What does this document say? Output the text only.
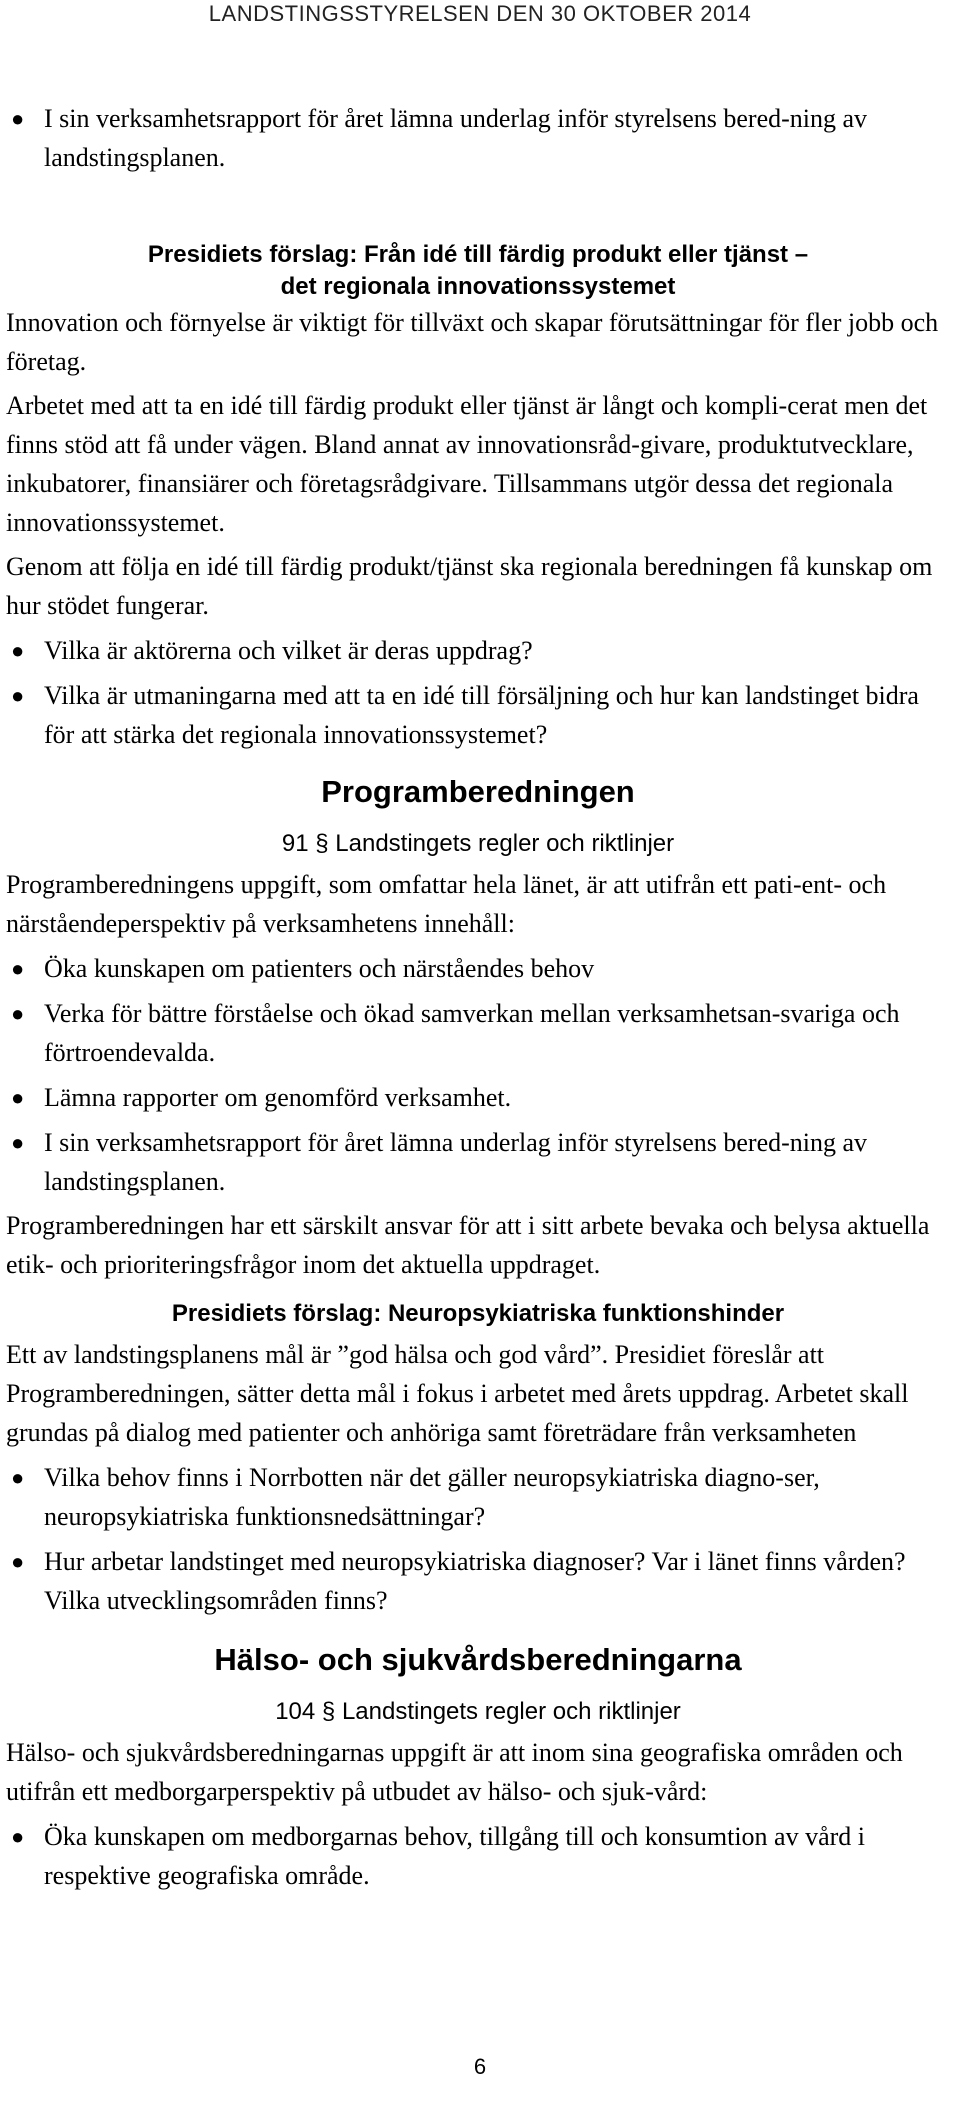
LANDSTINGSSTYRELSEN DEN 30 OKTOBER 2014
● I sin verksamhetsrapport för året lämna underlag inför styrelsens bered-ning av landstingsplanen.
Presidiets förslag: Från idé till färdig produkt eller tjänst –
det regionala innovationssystemet

Innovation och förnyelse är viktigt för tillväxt och skapar förutsättningar för fler jobb och företag.

Arbetet med att ta en idé till färdig produkt eller tjänst är långt och kompli-cerat men det finns stöd att få under vägen. Bland annat av innovationsråd-givare, produktutvecklare, inkubatorer, finansiärer och företagsrådgivare. Tillsammans utgör dessa det regionala innovationssystemet.

Genom att följa en idé till färdig produkt/tjänst ska regionala beredningen få kunskap om hur stödet fungerar.

● Vilka är aktörerna och vilket är deras uppdrag?
● Vilka är utmaningarna med att ta en idé till försäljning och hur kan landstinget bidra för att stärka det regionala innovationssystemet?
Programberedningen
91 § Landstingets regler och riktlinjer

Programberedningens uppgift, som omfattar hela länet, är att utifrån ett pati-ent- och närståendeperspektiv på verksamhetens innehåll:

● Öka kunskapen om patienters och närståendes behov
● Verka för bättre förståelse och ökad samverkan mellan verksamhetsan-svariga och förtroendevalda.
● Lämna rapporter om genomförd verksamhet.
● I sin verksamhetsrapport för året lämna underlag inför styrelsens bered-ning av landstingsplanen.

Programberedningen har ett särskilt ansvar för att i sitt arbete bevaka och belysa aktuella etik- och prioriteringsfrågor inom det aktuella uppdraget.

Presidiets förslag: Neuropsykiatriska funktionshinder

Ett av landstingsplanens mål är ”god hälsa och god vård”. Presidiet föreslår att Programberedningen, sätter detta mål i fokus i arbetet med årets uppdrag. Arbetet skall grundas på dialog med patienter och anhöriga samt företrädare från verksamheten

● Vilka behov finns i Norrbotten när det gäller neuropsykiatriska diagno-ser, neuropsykiatriska funktionsnedsättningar?
● Hur arbetar landstinget med neuropsykiatriska diagnoser? Var i länet finns vården? Vilka utvecklingsområden finns?
Hälso- och sjukvårdsberedningarna
104 § Landstingets regler och riktlinjer

Hälso- och sjukvårdsberedningarnas uppgift är att inom sina geografiska områden och utifrån ett medborgarperspektiv på utbudet av hälso- och sjuk-vård:

● Öka kunskapen om medborgarnas behov, tillgång till och konsumtion av vård i respektive geografiska område.
6
